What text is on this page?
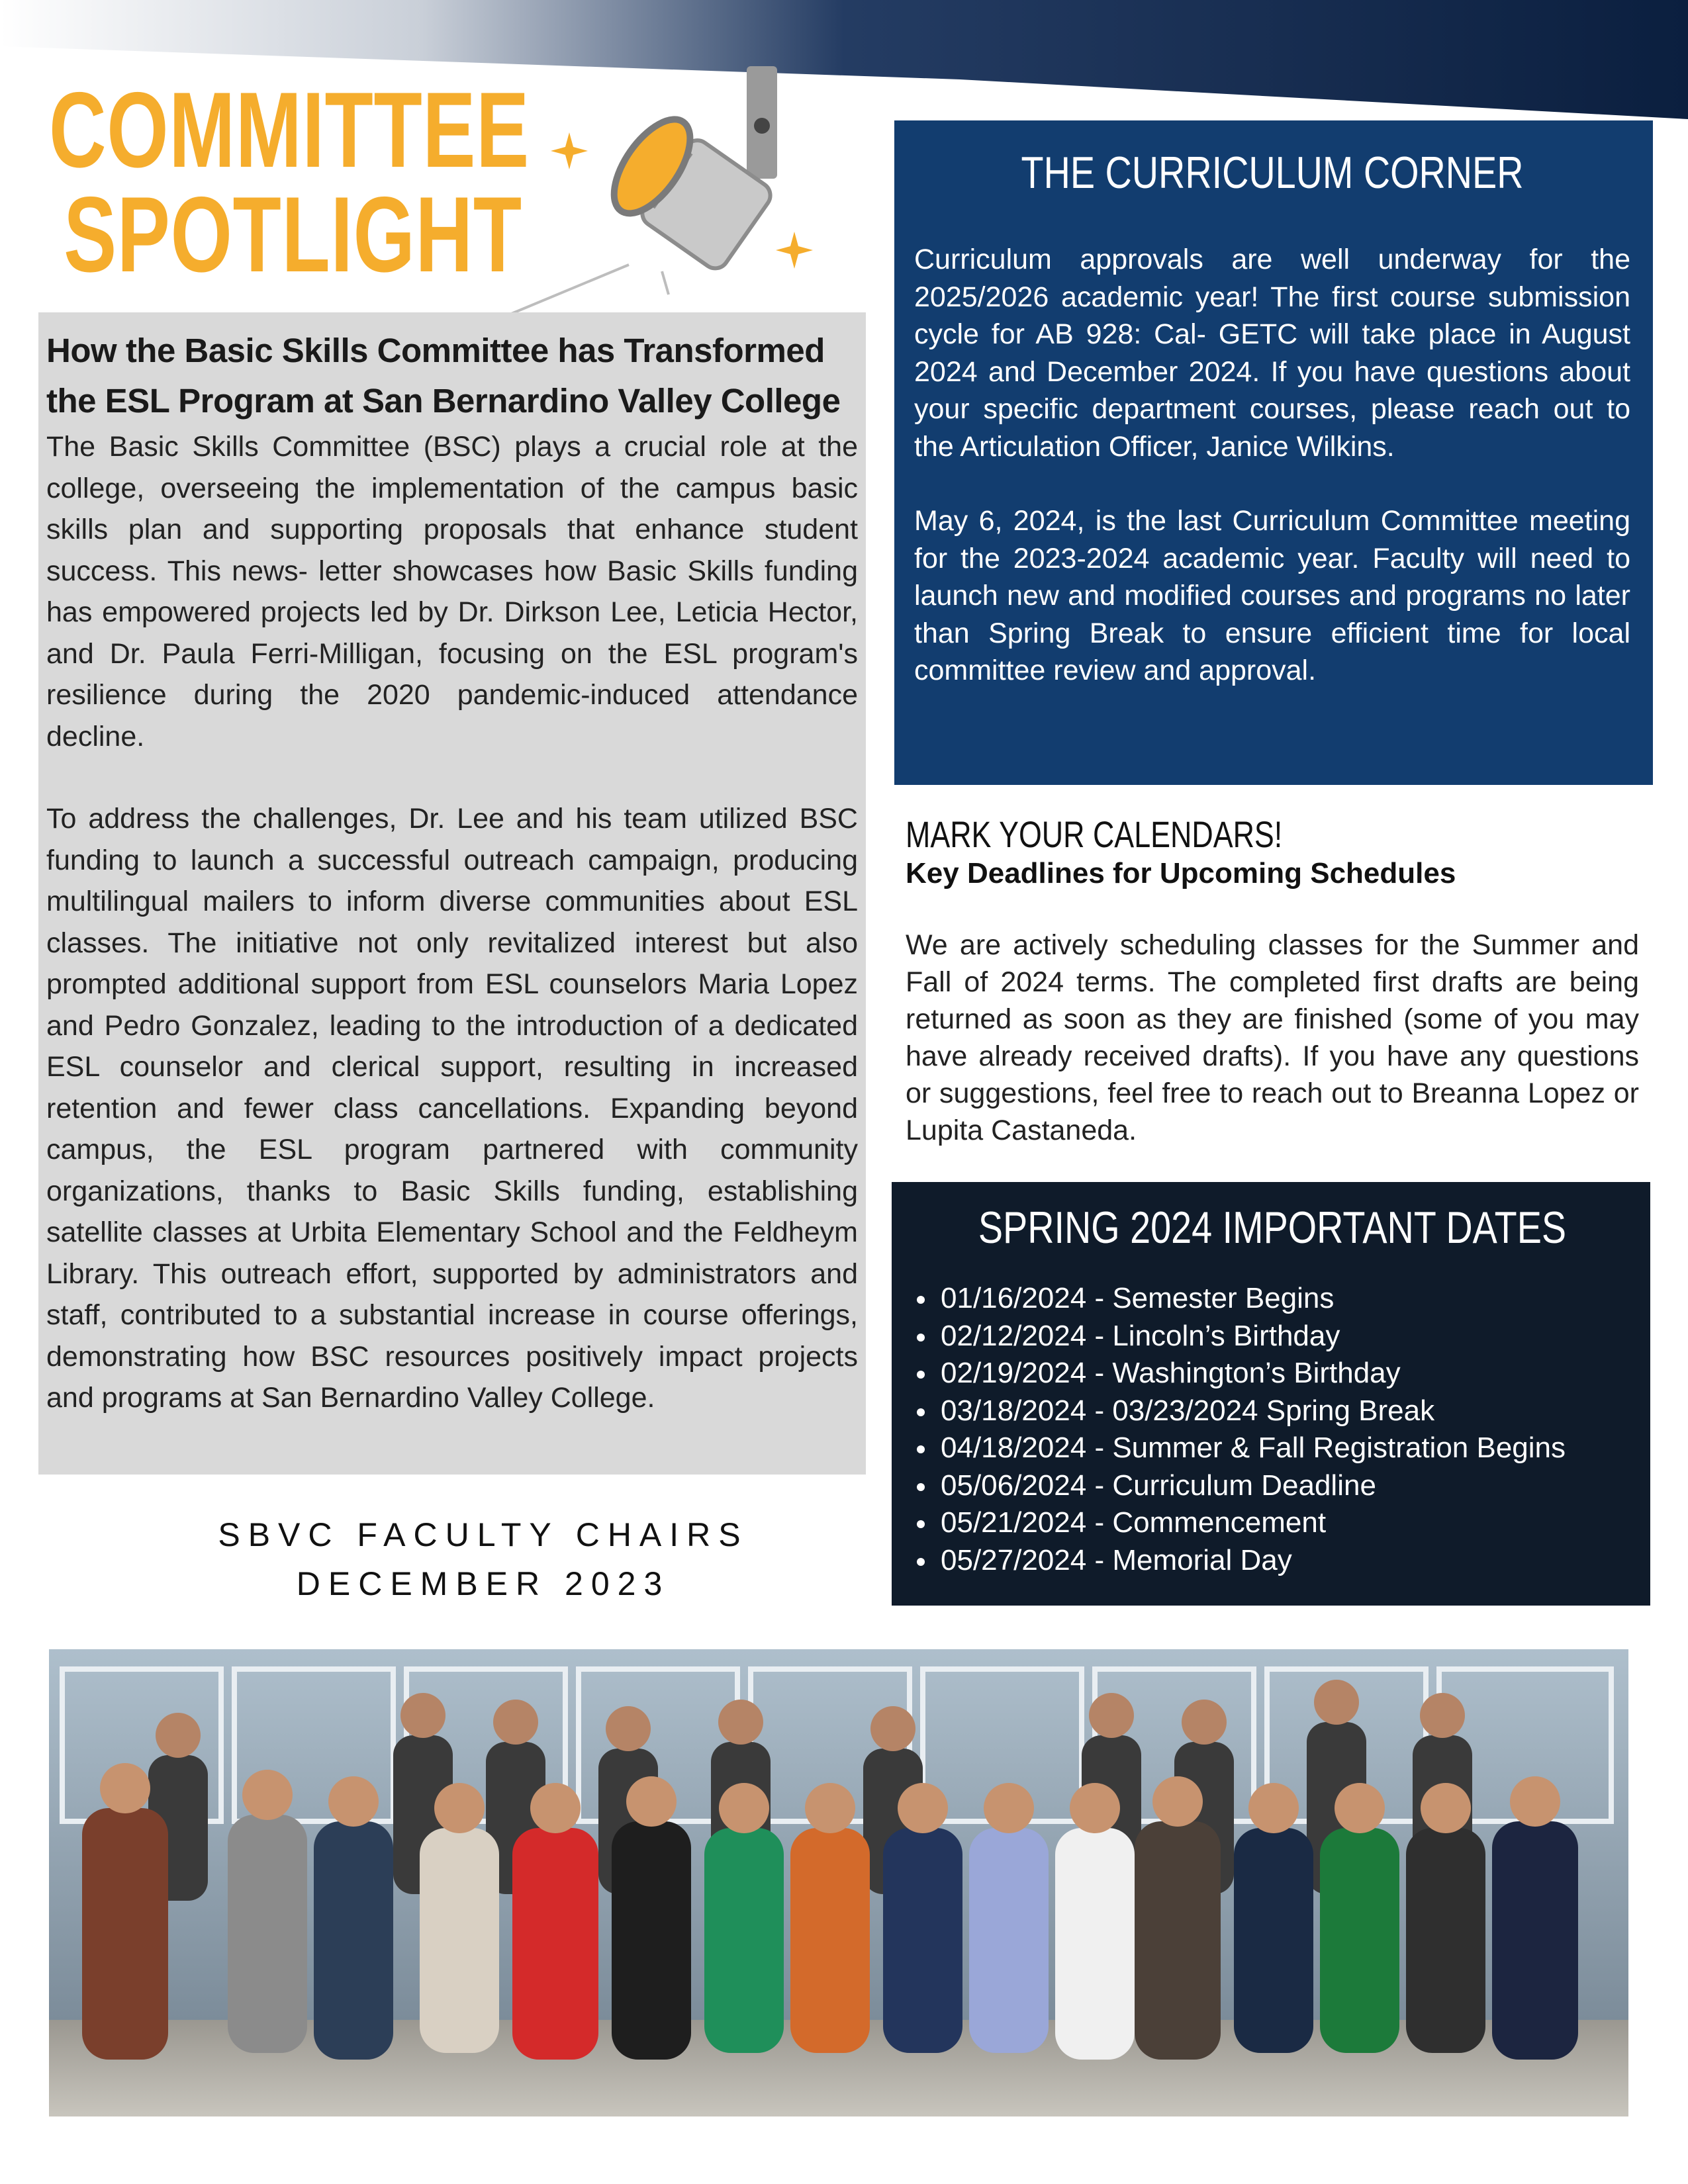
COMMITTEE
SPOTLIGHT
How the Basic Skills Committee has Transformed the ESL Program at San Bernardino Valley College

The Basic Skills Committee (BSC) plays a crucial role at the college, overseeing the implementation of the campus basic skills plan and supporting proposals that enhance student success. This news- letter showcases how Basic Skills funding has empowered projects led by Dr. Dirkson Lee, Leticia Hector, and Dr. Paula Ferri-Milligan, focusing on the ESL program's resilience during the 2020 pandemic-induced attendance decline.

To address the challenges, Dr. Lee and his team utilized BSC funding to launch a successful outreach campaign, producing multilingual mailers to inform diverse communities about ESL classes. The initiative not only revitalized interest but also prompted additional support from ESL counselors Maria Lopez and Pedro Gonzalez, leading to the introduction of a dedicated ESL counselor and clerical support, resulting in increased retention and fewer class cancellations. Expanding beyond campus, the ESL program partnered with community organizations, thanks to Basic Skills funding, establishing satellite classes at Urbita Elementary School and the Feldheym Library. This outreach effort, supported by administrators and staff, contributed to a substantial increase in course offerings, demonstrating how BSC resources positively impact projects and programs at San Bernardino Valley College.

SBVC FACULTY CHAIRS
DECEMBER 2023
THE CURRICULUM CORNER

Curriculum approvals are well underway for the 2025/2026 academic year! The first course submission cycle for AB 928: Cal- GETC will take place in August 2024 and December 2024. If you have questions about your specific department courses, please reach out to the Articulation Officer, Janice Wilkins.

May 6, 2024, is the last Curriculum Committee meeting for the 2023-2024 academic year. Faculty will need to launch new and modified courses and programs no later than Spring Break to ensure efficient time for local committee review and approval.

MARK YOUR CALENDARS!
Key Deadlines for Upcoming Schedules

We are actively scheduling classes for the Summer and Fall of 2024 terms. The completed first drafts are being returned as soon as they are finished (some of you may have already received drafts). If you have any questions or suggestions, feel free to reach out to Breanna Lopez or Lupita Castaneda.

SPRING 2024 IMPORTANT DATES
01/16/2024 - Semester Begins
02/12/2024 - Lincoln’s Birthday
02/19/2024 - Washington’s Birthday
03/18/2024 - 03/23/2024 Spring Break
04/18/2024 - Summer & Fall Registration Begins
05/06/2024 - Curriculum Deadline
05/21/2024 - Commencement
05/27/2024 - Memorial Day
